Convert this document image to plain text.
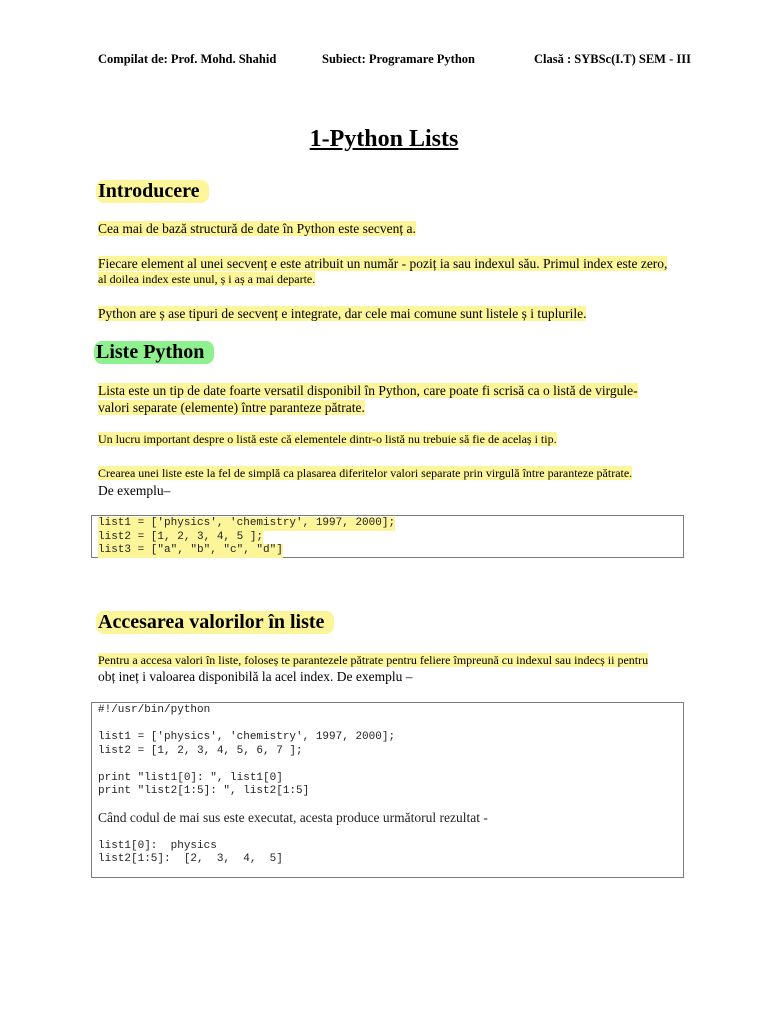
Compilat de: Prof. Mohd. Shahid	Subiect: Programare Python	Clasă : SYBSc(I.T) SEM - III
1-Python Lists
Introducere
Cea mai de bază structură de date în Python este secvenț a.
Fiecare element al unei secvenț e este atribuit un număr - poziț ia sau indexul său. Primul index este zero,
al doilea index este unul, ș i aș a mai departe.
Python are ș ase tipuri de secvenț e integrate, dar cele mai comune sunt listele ș i tuplurile.
Liste Python
Lista este un tip de date foarte versatil disponibil în Python, care poate fi scrisă ca o listă de virgule-
valori separate (elemente) între paranteze pătrate.
Un lucru important despre o listă este că elementele dintr-o listă nu trebuie să fie de acelaș i tip.
Crearea unei liste este la fel de simplă ca plasarea diferitelor valori separate prin virgulă între paranteze pătrate.
De exemplu–
list1 = ['physics', 'chemistry', 1997, 2000];
list2 = [1, 2, 3, 4, 5 ];
list3 = ["a", "b", "c", "d"]
Accesarea valorilor în liste
Pentru a accesa valori în liste, foloseș te parantezele pătrate pentru feliere împreună cu indexul sau indecș ii pentru
obț ineț i valoarea disponibilă la acel index. De exemplu –
#!/usr/bin/python
list1 = ['physics', 'chemistry', 1997, 2000];
list2 = [1, 2, 3, 4, 5, 6, 7 ];
print "list1[0]: ", list1[0]
print "list2[1:5]: ", list2[1:5]
Când codul de mai sus este executat, acesta produce următorul rezultat -
list1[0]:  physics
list2[1:5]:  [2,  3,  4,  5]
